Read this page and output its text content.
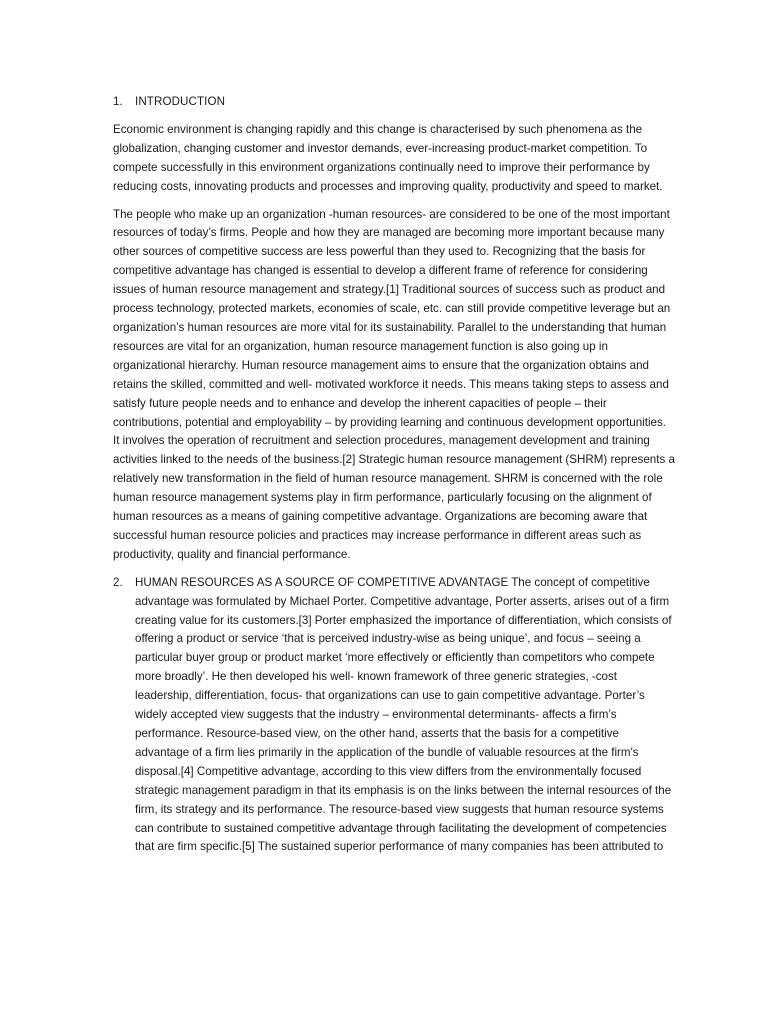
1.	INTRODUCTION

Economic environment is changing rapidly and this change is characterised by such phenomena as the globalization, changing customer and investor demands, ever-increasing product-market competition. To compete successfully in this environment organizations continually need to improve their performance by reducing costs, innovating products and processes and improving quality, productivity and speed to market.

The people who make up an organization -human resources- are considered to be one of the most important resources of today’s firms. People and how they are managed are becoming more important because many other sources of competitive success are less powerful than they used to. Recognizing that the basis for competitive advantage has changed is essential to develop a different frame of reference for considering issues of human resource management and strategy.[1] Traditional sources of success such as product and process technology, protected markets, economies of scale, etc. can still provide competitive leverage but an organization’s human resources are more vital for its sustainability. Parallel to the understanding that human resources are vital for an organization, human resource management function is also going up in organizational hierarchy. Human resource management aims to ensure that the organization obtains and retains the skilled, committed and well- motivated workforce it needs. This means taking steps to assess and satisfy future people needs and to enhance and develop the inherent capacities of people – their contributions, potential and employability – by providing learning and continuous development opportunities. It involves the operation of recruitment and selection procedures, management development and training activities linked to the needs of the business.[2] Strategic human resource management (SHRM) represents a relatively new transformation in the field of human resource management. SHRM is concerned with the role human resource management systems play in firm performance, particularly focusing on the alignment of human resources as a means of gaining competitive advantage. Organizations are becoming aware that successful human resource policies and practices may increase performance in different areas such as productivity, quality and financial performance.

2.	HUMAN RESOURCES AS A SOURCE OF COMPETITIVE ADVANTAGE The concept of competitive advantage was formulated by Michael Porter. Competitive advantage, Porter asserts, arises out of a firm creating value for its customers.[3] Porter emphasized the importance of differentiation, which consists of offering a product or service ‘that is perceived industry-wise as being unique’, and focus – seeing a particular buyer group or product market ‘more effectively or efficiently than competitors who compete more broadly’. He then developed his well- known framework of three generic strategies, -cost leadership, differentiation, focus- that organizations can use to gain competitive advantage. Porter’s widely accepted view suggests that the industry – environmental determinants- affects a firm’s performance. Resource-based view, on the other hand, asserts that the basis for a competitive advantage of a firm lies primarily in the application of the bundle of valuable resources at the firm's disposal.[4] Competitive advantage, according to this view differs from the environmentally focused strategic management paradigm in that its emphasis is on the links between the internal resources of the firm, its strategy and its performance. The resource-based view suggests that human resource systems can contribute to sustained competitive advantage through facilitating the development of competencies that are firm specific.[5] The sustained superior performance of many companies has been attributed to
